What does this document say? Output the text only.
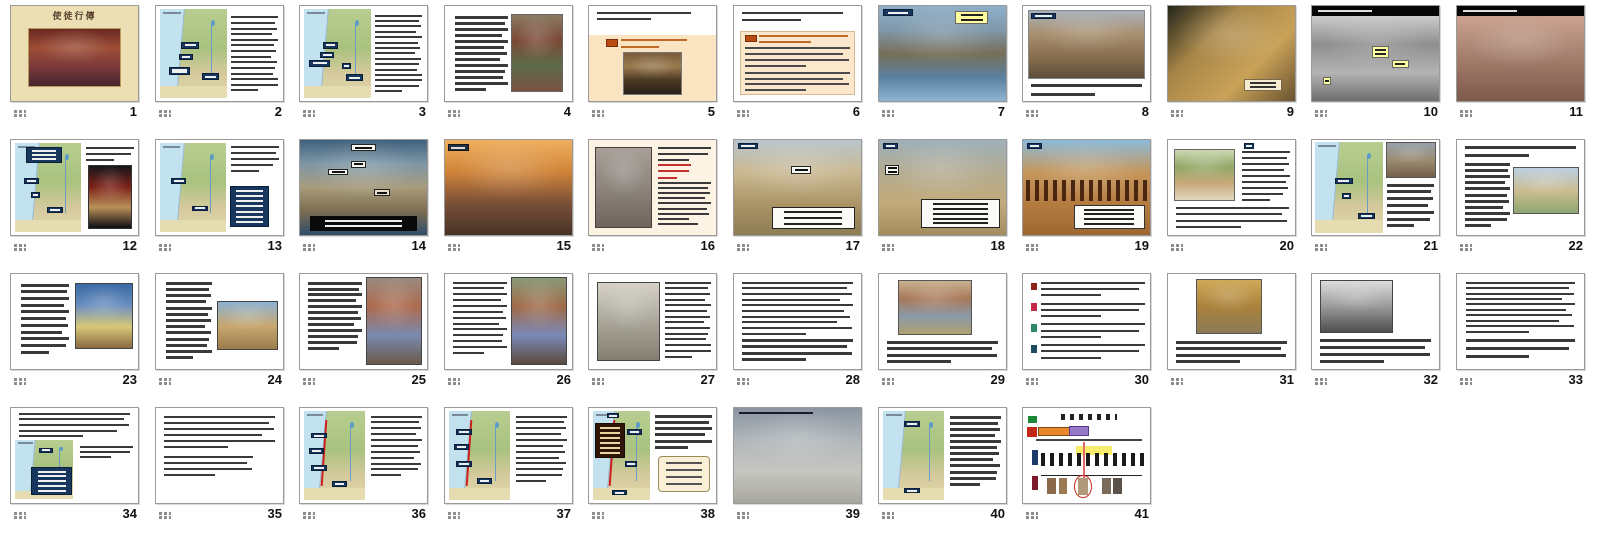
使徒行傳
1	2	3	4	5	6	7	8	9	10	11
12	13	14	15	16	17	18	19	20	21	22
23	24	25	26	27	28	29	30	31	32	33
34	35	36	37	38	39	40	41
